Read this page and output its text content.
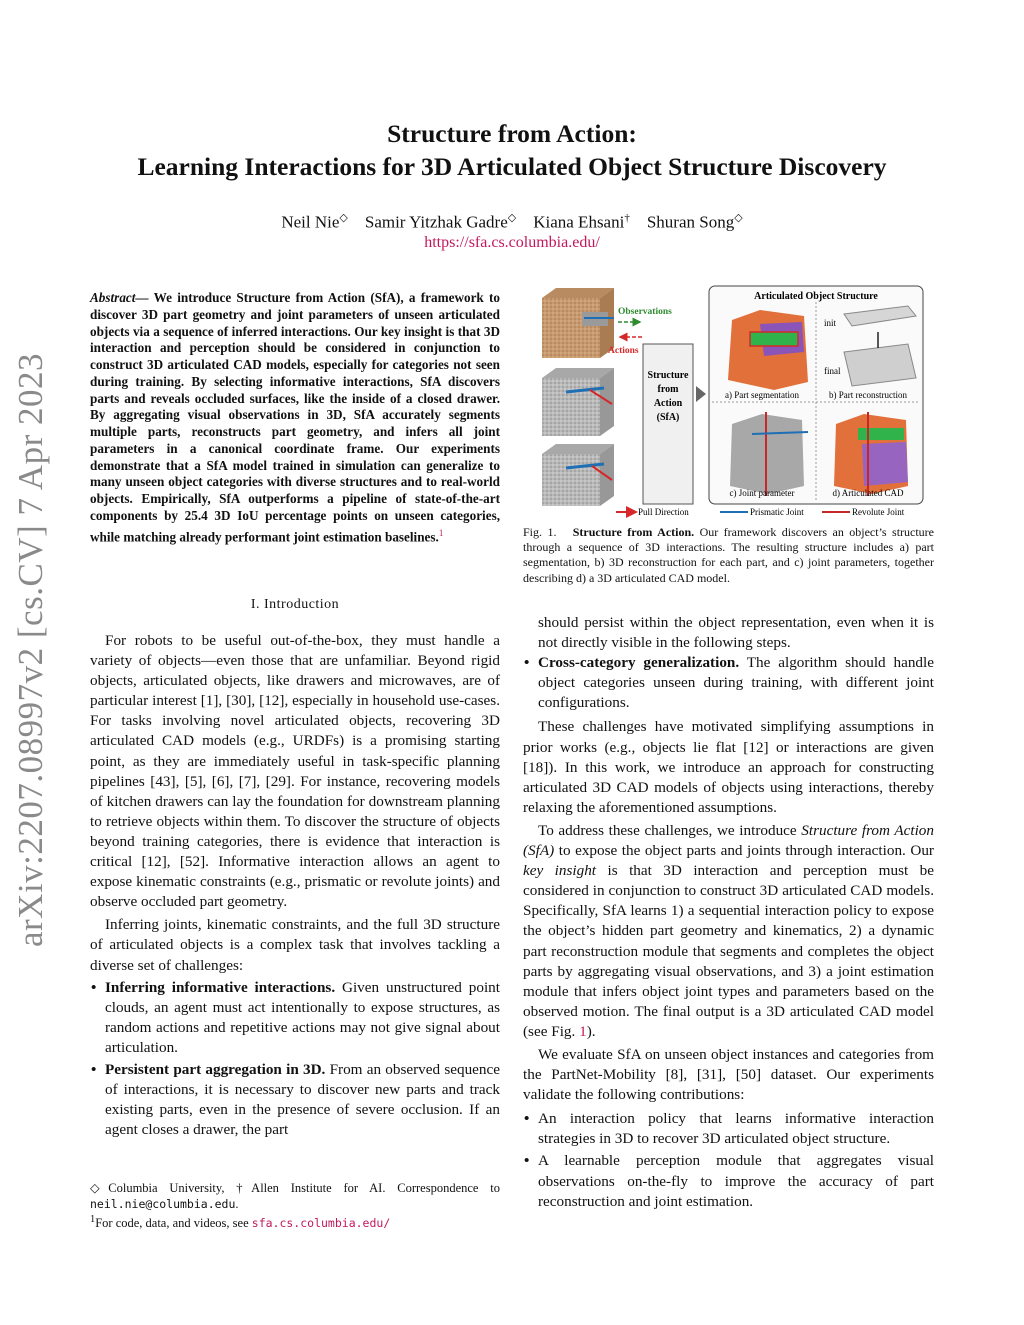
Structure from Action:
Learning Interactions for 3D Articulated Object Structure Discovery
Neil Nie◇ Samir Yitzhak Gadre◇ Kiana Ehsani† Shuran Song◇
https://sfa.cs.columbia.edu/
arXiv:2207.08997v2 [cs.CV] 7 Apr 2023
Abstract— We introduce Structure from Action (SfA), a framework to discover 3D part geometry and joint parameters of unseen articulated objects via a sequence of inferred interactions. Our key insight is that 3D interaction and perception should be considered in conjunction to construct 3D articulated CAD models, especially for categories not seen during training. By selecting informative interactions, SfA discovers parts and reveals occluded surfaces, like the inside of a closed drawer. By aggregating visual observations in 3D, SfA accurately segments multiple parts, reconstructs part geometry, and infers all joint parameters in a canonical coordinate frame. Our experiments demonstrate that a SfA model trained in simulation can generalize to many unseen object categories with diverse structures and to real-world objects. Empirically, SfA outperforms a pipeline of state-of-the-art components by 25.4 3D IoU percentage points on unseen categories, while matching already performant joint estimation baselines.$^1$
I. Introduction

For robots to be useful out-of-the-box, they must handle a variety of objects—even those that are unfamiliar. Beyond rigid objects, articulated objects, like drawers and microwaves, are of particular interest [1], [30], [12], especially in household use-cases. For tasks involving novel articulated objects, recovering 3D articulated CAD models (e.g., URDFs) is a promising starting point, as they are immediately useful in task-specific planning pipelines [43], [5], [6], [7], [29]. For instance, recovering models of kitchen drawers can lay the foundation for downstream planning to retrieve objects within them. To discover the structure of objects beyond training categories, there is evidence that interaction is critical [12], [52]. Informative interaction allows an agent to expose kinematic constraints (e.g., prismatic or revolute joints) and observe occluded part geometry.

Inferring joints, kinematic constraints, and the full 3D structure of articulated objects is a complex task that involves tackling a diverse set of challenges:

• Inferring informative interactions. Given unstructured point clouds, an agent must act intentionally to expose structures, as random actions and repetitive actions may not give signal about articulation.
• Persistent part aggregation in 3D. From an observed sequence of interactions, it is necessary to discover new parts and track existing parts, even in the presence of severe occlusion. If an agent closes a drawer, the part
◇Columbia University, †Allen Institute for AI. Correspondence to neil.nie@columbia.edu.
$^1$For code, data, and videos, see sfa.cs.columbia.edu/
Observations
Actions
Structure
from
Action
(SfA)
Articulated Object Structure
a) Part segmentation
init
final
b) Part reconstruction
c) Joint parameter	d) Articulated CAD
Pull Direction	Prismatic Joint	Revolute Joint
Fig. 1. Structure from Action. Our framework discovers an object’s structure through a sequence of 3D interactions. The resulting structure includes a) part segmentation, b) 3D reconstruction for each part, and c) joint parameters, together describing d) a 3D articulated CAD model.
should persist within the object representation, even when it is not directly visible in the following steps.
• Cross-category generalization. The algorithm should handle object categories unseen during training, with different joint configurations.

These challenges have motivated simplifying assumptions in prior works (e.g., objects lie flat [12] or interactions are given [18]). In this work, we introduce an approach for constructing articulated 3D CAD models of objects using interactions, thereby relaxing the aforementioned assumptions.

To address these challenges, we introduce Structure from Action (SfA) to expose the object parts and joints through interaction. Our key insight is that 3D interaction and perception must be considered in conjunction to construct 3D articulated CAD models. Specifically, SfA learns 1) a sequential interaction policy to expose the object’s hidden part geometry and kinematics, 2) a dynamic part reconstruction module that segments and completes the object parts by aggregating visual observations, and 3) a joint estimation module that infers object joint types and parameters based on the observed motion. The final output is a 3D articulated CAD model (see Fig. 1).

We evaluate SfA on unseen object instances and categories from the PartNet-Mobility [8], [31], [50] dataset. Our experiments validate the following contributions:

• An interaction policy that learns informative interaction strategies in 3D to recover 3D articulated object structure.
• A learnable perception module that aggregates visual observations on-the-fly to improve the accuracy of part reconstruction and joint estimation.
